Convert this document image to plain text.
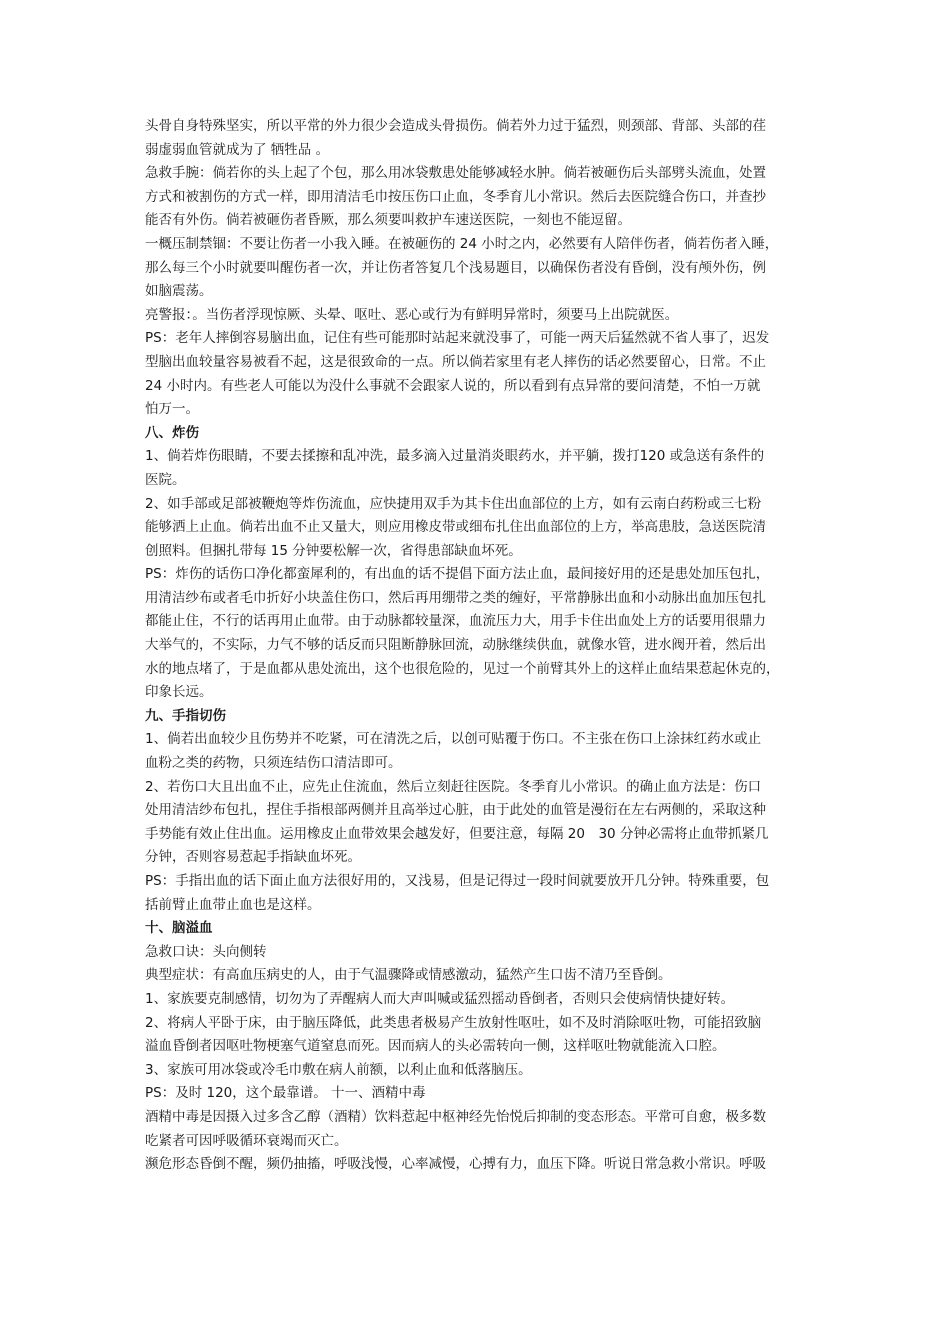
头骨自身特殊坚实，所以平常的外力很少会造成头骨损伤。倘若外力过于猛烈，则颈部、背部、头部的荏
弱虚弱血管就成为了 牺牲品 。
急救手腕：倘若你的头上起了个包，那么用冰袋敷患处能够减轻水肿。倘若被砸伤后头部劈头流血，处置
方式和被割伤的方式一样，即用清洁毛巾按压伤口止血，冬季育儿小常识。然后去医院缝合伤口，并查抄
能否有外伤。倘若被砸伤者昏厥，那么须要叫救护车速送医院，一刻也不能逗留。
一概压制禁锢：不要让伤者一小我入睡。在被砸伤的 24 小时之内，必然要有人陪伴伤者，倘若伤者入睡，
那么每三个小时就要叫醒伤者一次，并让伤者答复几个浅易题目，以确保伤者没有昏倒，没有颅外伤，例
如脑震荡。
亮警报：。当伤者浮现惊厥、头晕、呕吐、恶心或行为有鲜明异常时，须要马上出院就医。
PS：老年人摔倒容易脑出血，记住有些可能那时站起来就没事了，可能一两天后猛然就不省人事了，迟发
型脑出血较量容易被看不起，这是很致命的一点。所以倘若家里有老人摔伤的话必然要留心，日常。不止
24 小时内。有些老人可能以为没什么事就不会跟家人说的，所以看到有点异常的要问清楚，不怕一万就
怕万一。
八、炸伤
1、倘若炸伤眼睛，不要去揉擦和乱冲洗，最多滴入过量消炎眼药水，并平躺，拨打120 或急送有条件的
医院。
2、如手部或足部被鞭炮等炸伤流血，应快捷用双手为其卡住出血部位的上方，如有云南白药粉或三七粉
能够洒上止血。倘若出血不止又量大，则应用橡皮带或细布扎住出血部位的上方，举高患肢，急送医院清
创照料。但捆扎带每 15 分钟要松解一次，省得患部缺血坏死。
PS：炸伤的话伤口净化都蛮犀利的，有出血的话不提倡下面方法止血，最间接好用的还是患处加压包扎，
用清洁纱布或者毛巾折好小块盖住伤口，然后再用绷带之类的缠好，平常静脉出血和小动脉出血加压包扎
都能止住，不行的话再用止血带。由于动脉都较量深，血流压力大，用手卡住出血处上方的话要用很鼎力
大举气的，不实际，力气不够的话反而只阻断静脉回流，动脉继续供血，就像水管，进水阀开着，然后出
水的地点堵了，于是血都从患处流出，这个也很危险的，见过一个前臂其外上的这样止血结果惹起休克的，
印象长远。
九、手指切伤
1、倘若出血较少且伤势并不吃紧，可在清洗之后，以创可贴覆于伤口。不主张在伤口上涂抹红药水或止
血粉之类的药物，只须连结伤口清洁即可。
2、若伤口大且出血不止，应先止住流血，然后立刻赶往医院。冬季育儿小常识。的确止血方法是：伤口
处用清洁纱布包扎，捏住手指根部两侧并且高举过心脏，由于此处的血管是漫衍在左右两侧的，采取这种
手势能有效止住出血。运用橡皮止血带效果会越发好，但要注意，每隔 20　30 分钟必需将止血带抓紧几
分钟，否则容易惹起手指缺血坏死。
PS：手指出血的话下面止血方法很好用的，又浅易，但是记得过一段时间就要放开几分钟。特殊重要，包
括前臂止血带止血也是这样。
十、脑溢血
急救口诀：头向侧转
典型症状：有高血压病史的人，由于气温骤降或情感激动，猛然产生口齿不清乃至昏倒。
1、家族要克制感情，切勿为了弄醒病人而大声叫喊或猛烈摇动昏倒者，否则只会使病情快捷好转。
2、将病人平卧于床，由于脑压降低，此类患者极易产生放射性呕吐，如不及时消除呕吐物，可能招致脑
溢血昏倒者因呕吐物梗塞气道窒息而死。因而病人的头必需转向一侧，这样呕吐物就能流入口腔。
3、家族可用冰袋或冷毛巾敷在病人前额，以利止血和低落脑压。
PS：及时 120，这个最靠谱。 十一、酒精中毒
酒精中毒是因摄入过多含乙醇（酒精）饮料惹起中枢神经先怡悦后抑制的变态形态。平常可自愈，极多数
吃紧者可因呼吸循环衰竭而灭亡。
濒危形态昏倒不醒，频仍抽搐，呼吸浅慢，心率减慢，心搏有力，血压下降。听说日常急救小常识。呼吸
